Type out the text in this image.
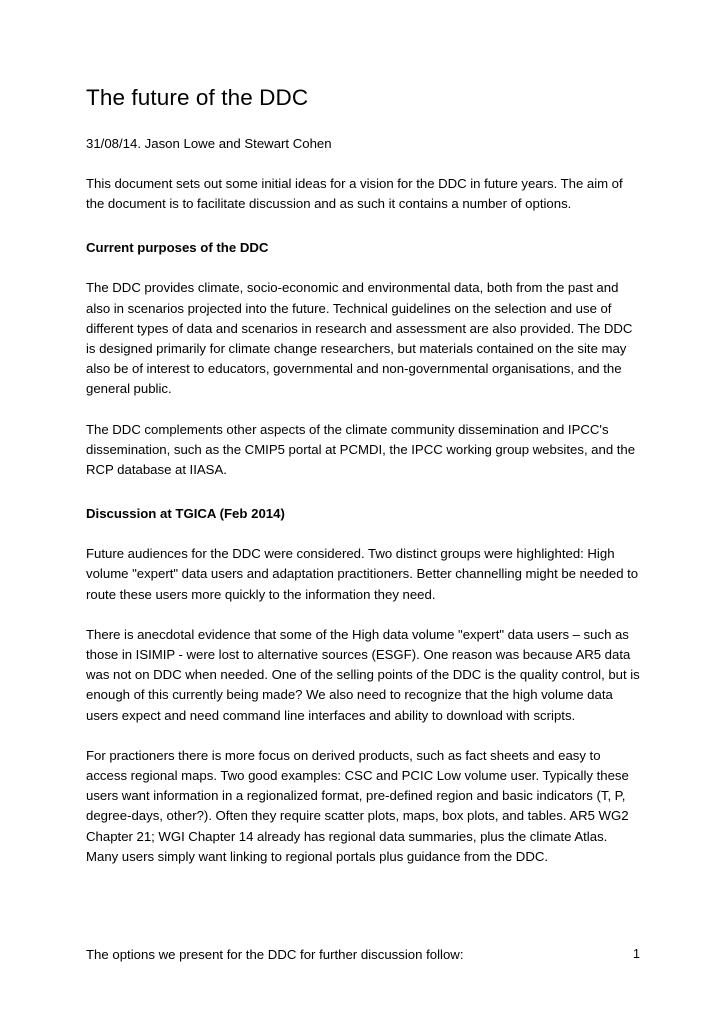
The future of the DDC

31/08/14. Jason Lowe and Stewart Cohen

This document sets out some initial ideas for a vision for the DDC in future years. The aim of the document is to facilitate discussion and as such it contains a number of options.

Current purposes of the DDC

The DDC provides climate, socio-economic and environmental data, both from the past and also in scenarios projected into the future. Technical guidelines on the selection and use of different types of data and scenarios in research and assessment are also provided. The DDC is designed primarily for climate change researchers, but materials contained on the site may also be of interest to educators, governmental and non-governmental organisations, and the general public.

The DDC complements other aspects of the climate community dissemination and IPCC's dissemination, such as the CMIP5 portal at PCMDI, the IPCC working group websites, and the RCP database at IIASA.

Discussion at TGICA (Feb 2014)

Future audiences for the DDC were considered. Two distinct groups were highlighted: High volume "expert" data users and adaptation practitioners. Better channelling might be needed to route these users more quickly to the information they need.

There is anecdotal evidence that some of the High data volume "expert" data users – such as those in ISIMIP - were lost to alternative sources (ESGF). One reason was because AR5 data was not on DDC when needed. One of the selling points of the DDC is the quality control, but is enough of this currently being made? We also need to recognize that the high volume data users expect and need command line interfaces and ability to download with scripts.

For practioners there is more focus on derived products, such as fact sheets and easy to access regional maps. Two good examples: CSC and PCIC Low volume user. Typically these users want information in a regionalized format, pre-defined region and basic indicators (T, P, degree-days, other?). Often they require scatter plots, maps, box plots, and tables. AR5 WG2 Chapter 21; WGI Chapter 14 already has regional data summaries, plus the climate Atlas. Many users simply want linking to regional portals plus guidance from the DDC.

The options we present for the DDC for further discussion follow:	1
